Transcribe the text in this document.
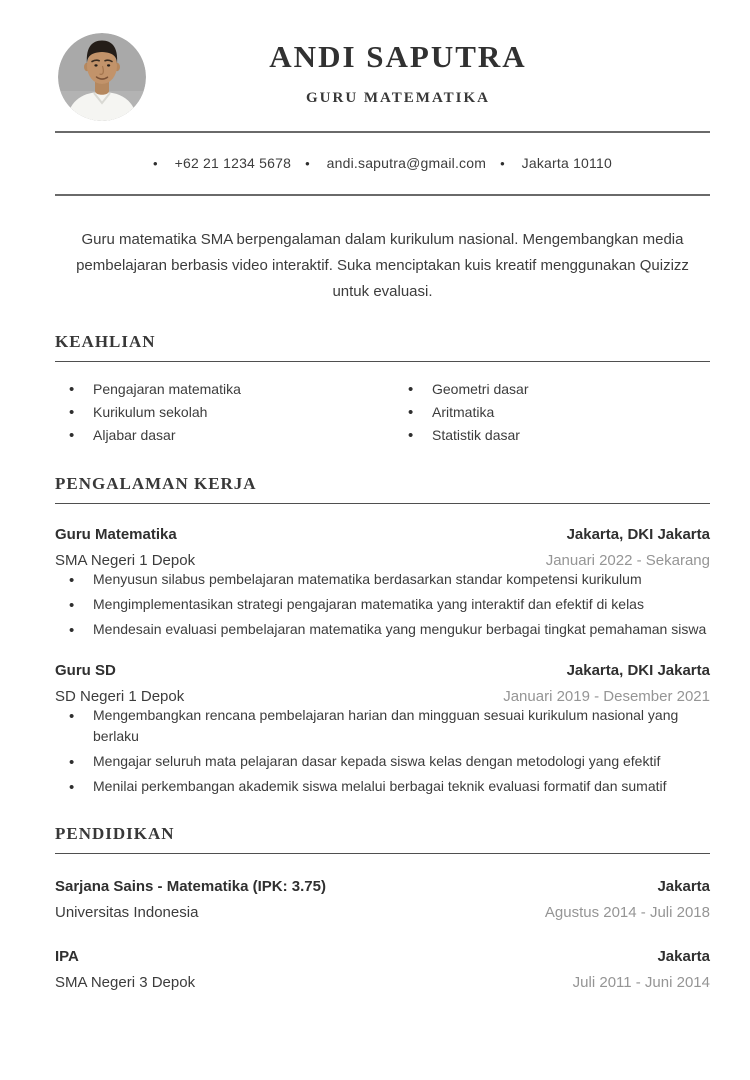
ANDI SAPUTRA
GURU MATEMATIKA
• +62 21 1234 5678 • andi.saputra@gmail.com • Jakarta 10110

Guru matematika SMA berpengalaman dalam kurikulum nasional. Mengembangkan media pembelajaran berbasis video interaktif. Suka menciptakan kuis kreatif menggunakan Quizizz untuk evaluasi.

KEAHLIAN
• Pengajaran matematika
• Kurikulum sekolah
• Aljabar dasar
• Geometri dasar
• Aritmatika
• Statistik dasar
PENGALAMAN KERJA
Guru Matematika	Jakarta, DKI Jakarta
SMA Negeri 1 Depok	Januari 2022 - Sekarang
• Menyusun silabus pembelajaran matematika berdasarkan standar kompetensi kurikulum
• Mengimplementasikan strategi pengajaran matematika yang interaktif dan efektif di kelas
• Mendesain evaluasi pembelajaran matematika yang mengukur berbagai tingkat pemahaman siswa
Guru SD	Jakarta, DKI Jakarta
SD Negeri 1 Depok	Januari 2019 - Desember 2021
• Mengembangkan rencana pembelajaran harian dan mingguan sesuai kurikulum nasional yang berlaku
• Mengajar seluruh mata pelajaran dasar kepada siswa kelas dengan metodologi yang efektif
• Menilai perkembangan akademik siswa melalui berbagai teknik evaluasi formatif dan sumatif
PENDIDIKAN
Sarjana Sains - Matematika (IPK: 3.75)	Jakarta
Universitas Indonesia	Agustus 2014 - Juli 2018
IPA	Jakarta
SMA Negeri 3 Depok	Juli 2011 - Juni 2014
